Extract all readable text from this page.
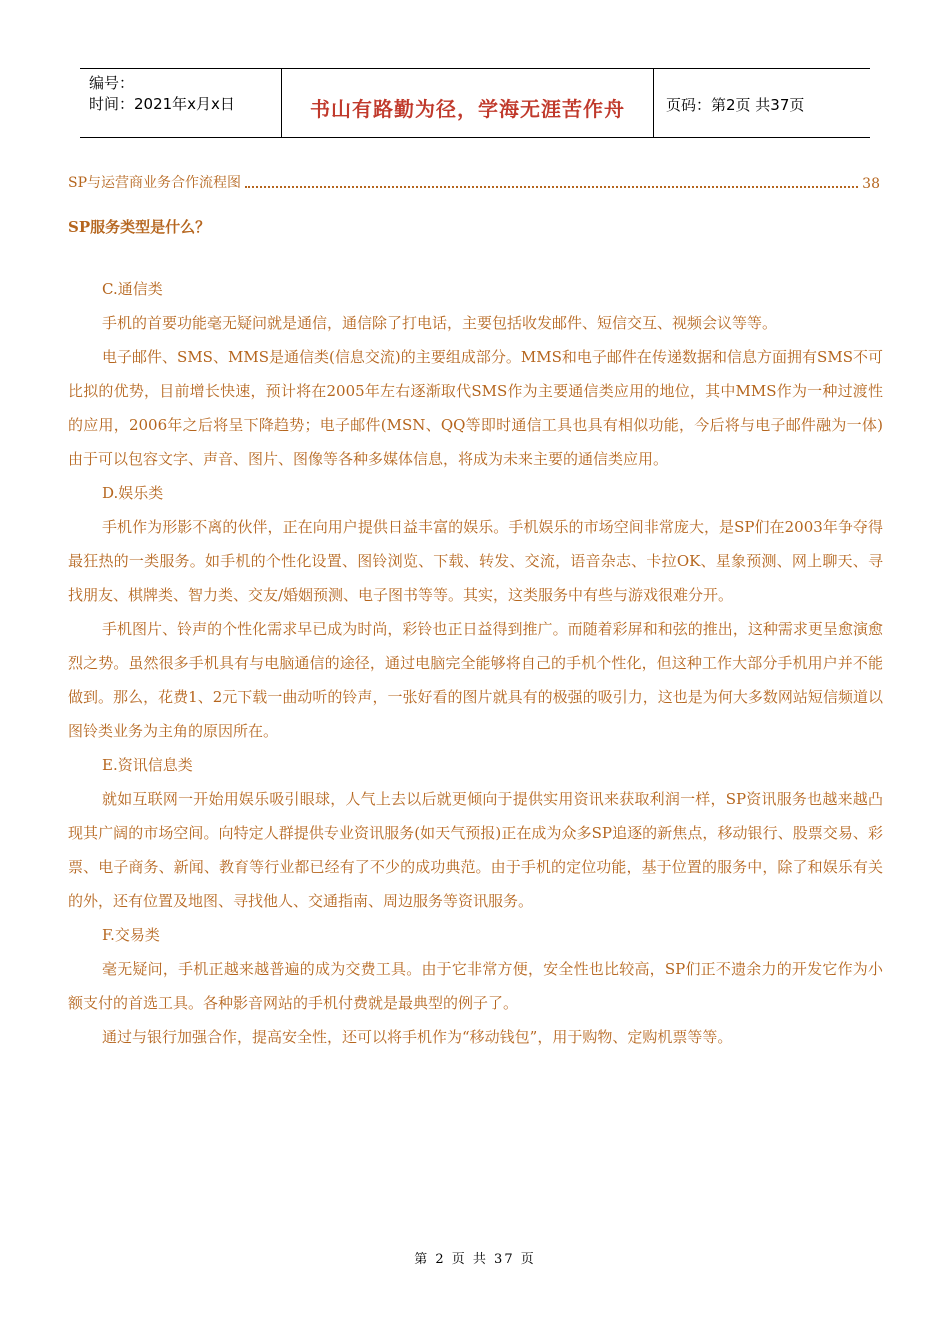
编号：
时间：2021年x月x日	书山有路勤为径，学海无涯苦作舟	页码：第2页 共37页
SP与运营商业务合作流程图	38
SP服务类型是什么？
C.通信类

手机的首要功能毫无疑问就是通信，通信除了打电话，主要包括收发邮件、短信交互、视频会议等等。

电子邮件、SMS、MMS是通信类(信息交流)的主要组成部分。MMS和电子邮件在传递数据和信息方面拥有SMS不可比拟的优势，目前增长快速，预计将在2005年左右逐渐取代SMS作为主要通信类应用的地位，其中MMS作为一种过渡性的应用，2006年之后将呈下降趋势；电子邮件(MSN、QQ等即时通信工具也具有相似功能，今后将与电子邮件融为一体)由于可以包容文字、声音、图片、图像等各种多媒体信息，将成为未来主要的通信类应用。

D.娱乐类

手机作为形影不离的伙伴，正在向用户提供日益丰富的娱乐。手机娱乐的市场空间非常庞大，是SP们在2003年争夺得最狂热的一类服务。如手机的个性化设置、图铃浏览、下载、转发、交流，语音杂志、卡拉OK、星象预测、网上聊天、寻找朋友、棋牌类、智力类、交友/婚姻预测、电子图书等等。其实，这类服务中有些与游戏很难分开。

手机图片、铃声的个性化需求早已成为时尚，彩铃也正日益得到推广。而随着彩屏和和弦的推出，这种需求更呈愈演愈烈之势。虽然很多手机具有与电脑通信的途径，通过电脑完全能够将自己的手机个性化，但这种工作大部分手机用户并不能做到。那么，花费1、2元下载一曲动听的铃声，一张好看的图片就具有的极强的吸引力，这也是为何大多数网站短信频道以图铃类业务为主角的原因所在。

E.资讯信息类

就如互联网一开始用娱乐吸引眼球，人气上去以后就更倾向于提供实用资讯来获取利润一样，SP资讯服务也越来越凸现其广阔的市场空间。向特定人群提供专业资讯服务(如天气预报)正在成为众多SP追逐的新焦点，移动银行、股票交易、彩票、电子商务、新闻、教育等行业都已经有了不少的成功典范。由于手机的定位功能，基于位置的服务中，除了和娱乐有关的外，还有位置及地图、寻找他人、交通指南、周边服务等资讯服务。

F.交易类

毫无疑问，手机正越来越普遍的成为交费工具。由于它非常方便，安全性也比较高，SP们正不遗余力的开发它作为小额支付的首选工具。各种影音网站的手机付费就是最典型的例子了。

通过与银行加强合作，提高安全性，还可以将手机作为“移动钱包”，用于购物、定购机票等等。

第 2 页 共 37 页
